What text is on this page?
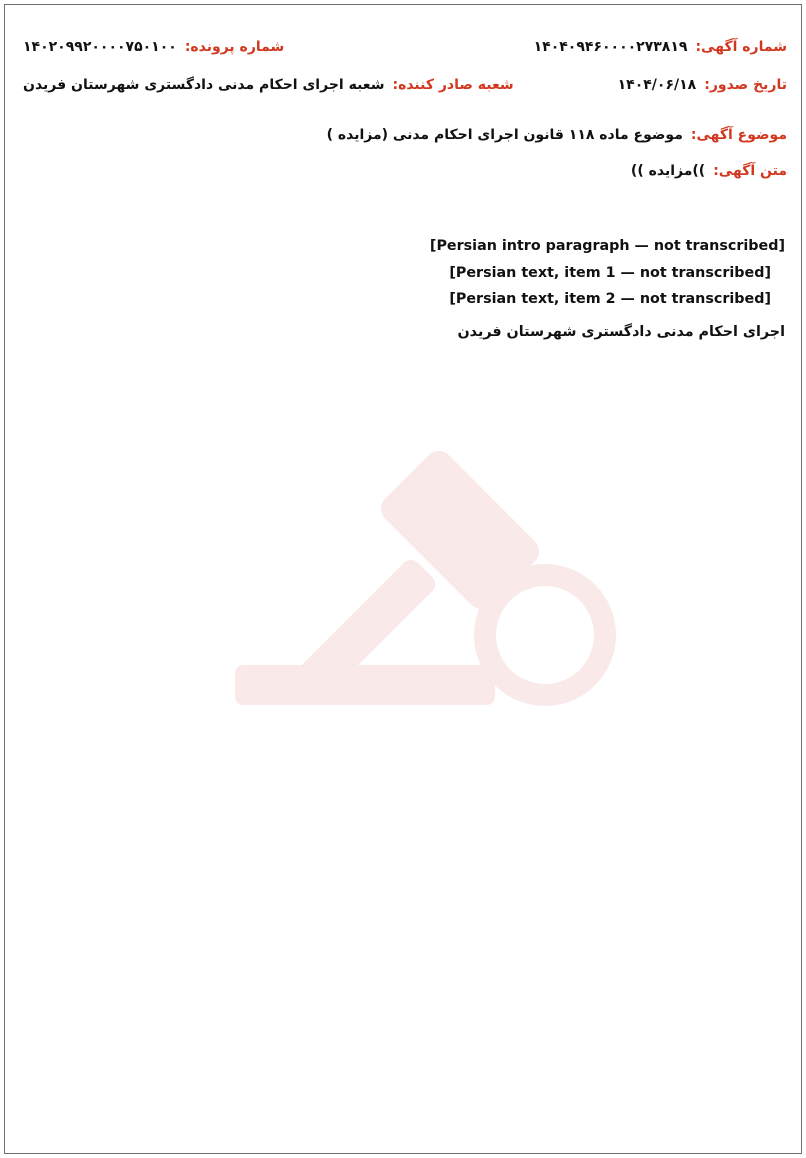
شماره آگهی:
۱۴۰۴۰۹۴۶۰۰۰۰۲۷۳۸۱۹
شماره پرونده:
۱۴۰۲۰۹۹۲۰۰۰۰۷۵۰۱۰۰
تاریخ صدور:
۱۴۰۴/۰۶/۱۸
شعبه صادر کننده:
شعبه اجرای احکام مدنی دادگستری شهرستان فریدن
موضوع آگهی:
موضوع ماده ۱۱۸ قانون اجرای احکام مدنی (مزایده )
متن آگهی:
))مزایده ))

[Persian intro paragraph — not transcribed]

[Persian text, item 1 — not transcribed]

[Persian text, item 2 — not transcribed]

اجرای احکام مدنی دادگستری شهرستان فریدن
